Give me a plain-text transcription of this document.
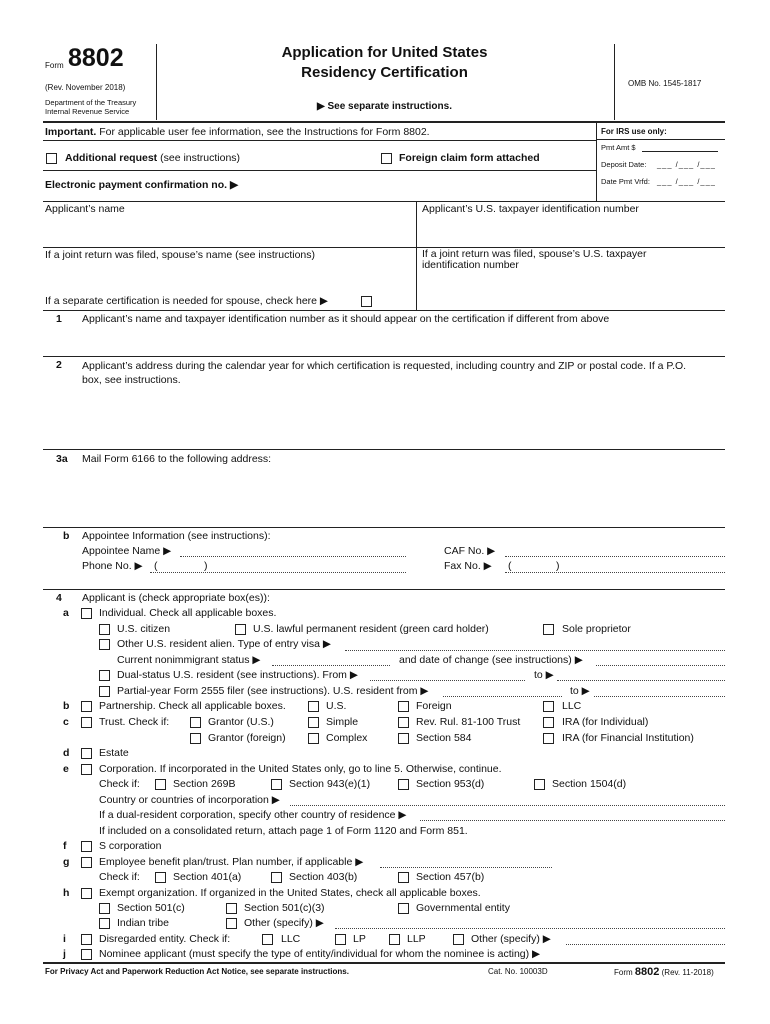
Form 8802
(Rev. November 2018)
Department of the Treasury
Internal Revenue Service
Application for United States
Residency Certification
▶ See separate instructions.
OMB No. 1545-1817
Important. For applicable user fee information, see the Instructions for Form 8802.
Additional request (see instructions)	Foreign claim form attached
Electronic payment confirmation no. ▶
For IRS use only:
Pmt Amt $
Deposit Date: ___ /___ /___
Date Pmt Vrfd: ___ /___ /___
Applicant’s name	Applicant’s U.S. taxpayer identification number
If a joint return was filed, spouse’s name (see instructions)	If a joint return was filed, spouse’s U.S. taxpayer
identification number
If a separate certification is needed for spouse, check here ▶
1 Applicant’s name and taxpayer identification number as it should appear on the certification if different from above
2 Applicant’s address during the calendar year for which certification is requested, including country and ZIP or postal code. If a P.O.
box, see instructions.
3a Mail Form 6166 to the following address:
b Appointee Information (see instructions):
Appointee Name ▶
Phone No. ▶ (	)
CAF No. ▶
Fax No. ▶ (	)
4 Applicant is (check appropriate box(es)):
a	Individual. Check all applicable boxes.
U.S. citizen	U.S. lawful permanent resident (green card holder)	Sole proprietor
Other U.S. resident alien. Type of entry visa ▶
Current nonimmigrant status ▶	and date of change (see instructions) ▶
Dual-status U.S. resident (see instructions). From ▶	to ▶
Partial-year Form 2555 filer (see instructions). U.S. resident from ▶	to ▶
b	Partnership. Check all applicable boxes.	U.S.	Foreign	LLC
c	Trust. Check if:	Grantor (U.S.)	Simple	Rev. Rul. 81-100 Trust	IRA (for Individual)
Grantor (foreign)	Complex	Section 584	IRA (for Financial Institution)
d	Estate
e	Corporation. If incorporated in the United States only, go to line 5. Otherwise, continue.
Check if:	Section 269B	Section 943(e)(1)	Section 953(d)	Section 1504(d)
Country or countries of incorporation ▶
If a dual-resident corporation, specify other country of residence ▶
If included on a consolidated return, attach page 1 of Form 1120 and Form 851.
f	S corporation
g	Employee benefit plan/trust. Plan number, if applicable ▶
Check if:	Section 401(a)	Section 403(b)	Section 457(b)
h	Exempt organization. If organized in the United States, check all applicable boxes.
Section 501(c)	Section 501(c)(3)	Governmental entity
Indian tribe	Other (specify) ▶
i	Disregarded entity. Check if:	LLC	LP	LLP	Other (specify) ▶
j	Nominee applicant (must specify the type of entity/individual for whom the nominee is acting) ▶
For Privacy Act and Paperwork Reduction Act Notice, see separate instructions.	Cat. No. 10003D	Form 8802 (Rev. 11-2018)
